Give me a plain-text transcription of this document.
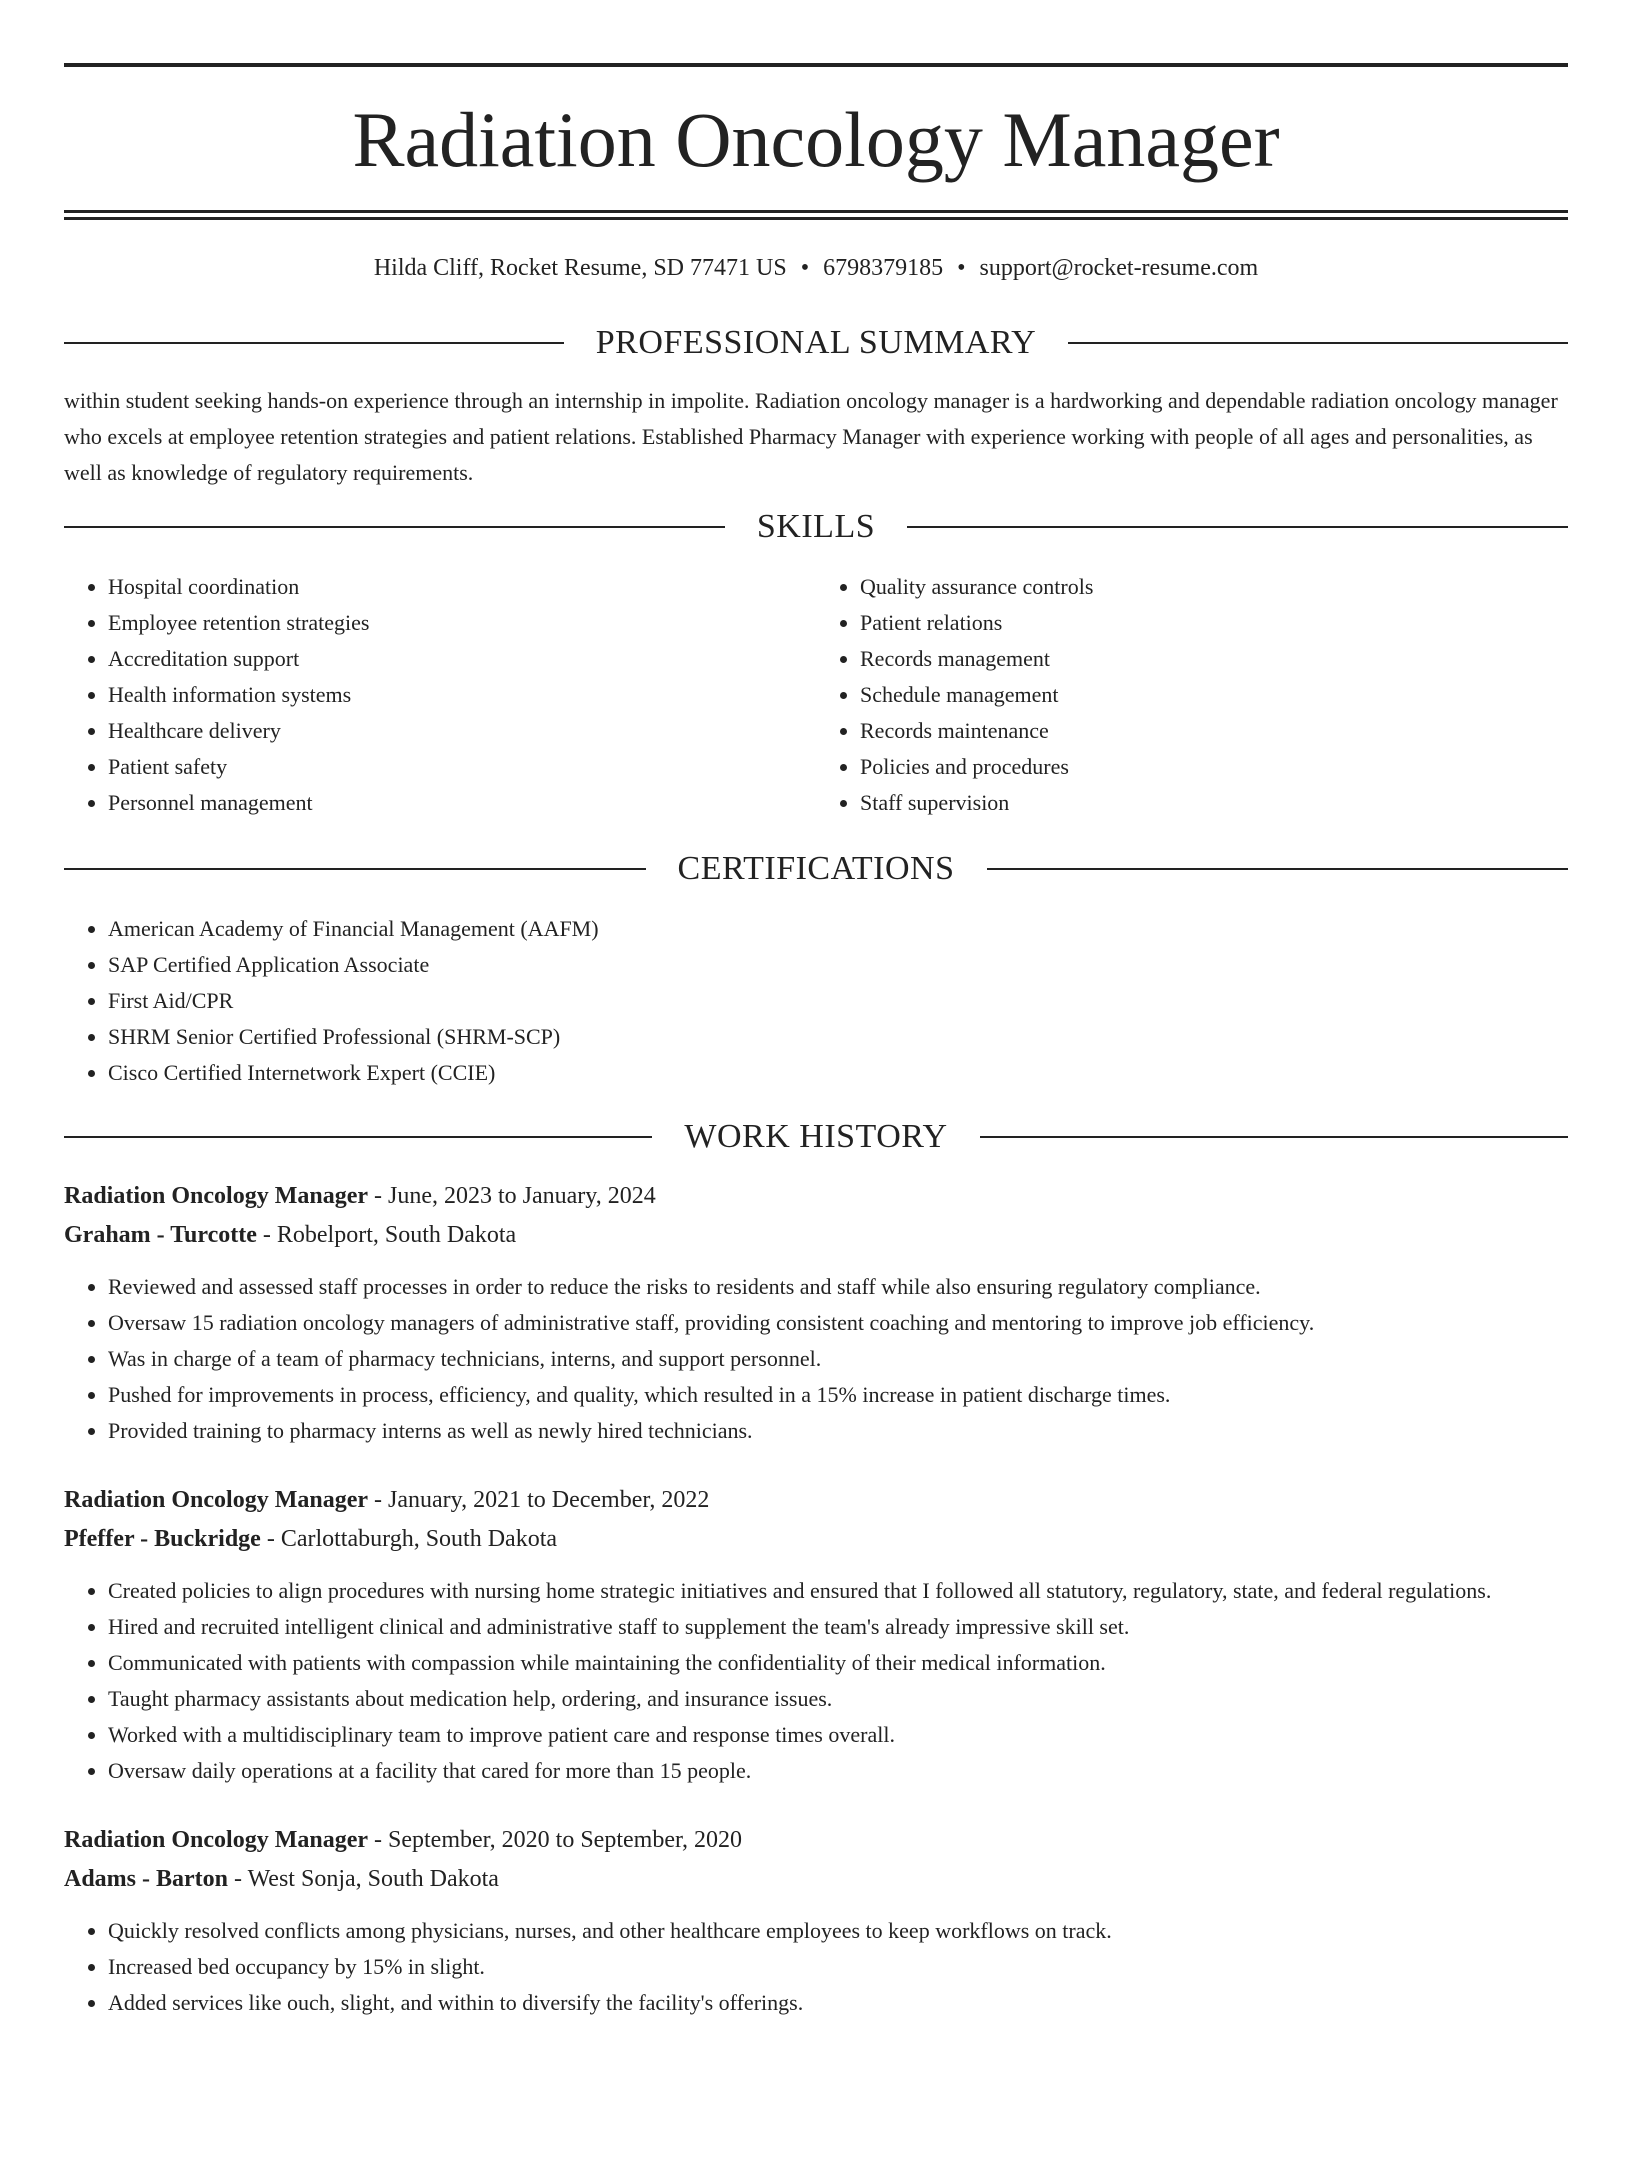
Radiation Oncology Manager
Hilda Cliff, Rocket Resume, SD 77471 US • 6798379185 • support@rocket-resume.com
PROFESSIONAL SUMMARY

within student seeking hands-on experience through an internship in impolite. Radiation oncology manager is a hardworking and dependable radiation oncology manager who excels at employee retention strategies and patient relations. Established Pharmacy Manager with experience working with people of all ages and personalities, as well as knowledge of regulatory requirements.

SKILLS
• Hospital coordination
• Employee retention strategies
• Accreditation support
• Health information systems
• Healthcare delivery
• Patient safety
• Personnel management
• Quality assurance controls
• Patient relations
• Records management
• Schedule management
• Records maintenance
• Policies and procedures
• Staff supervision
CERTIFICATIONS
• American Academy of Financial Management (AAFM)
• SAP Certified Application Associate
• First Aid/CPR
• SHRM Senior Certified Professional (SHRM-SCP)
• Cisco Certified Internetwork Expert (CCIE)
WORK HISTORY
Radiation Oncology Manager - June, 2023 to January, 2024
Graham - Turcotte - Robelport, South Dakota
• Reviewed and assessed staff processes in order to reduce the risks to residents and staff while also ensuring regulatory compliance.
• Oversaw 15 radiation oncology managers of administrative staff, providing consistent coaching and mentoring to improve job efficiency.
• Was in charge of a team of pharmacy technicians, interns, and support personnel.
• Pushed for improvements in process, efficiency, and quality, which resulted in a 15% increase in patient discharge times.
• Provided training to pharmacy interns as well as newly hired technicians.
Radiation Oncology Manager - January, 2021 to December, 2022
Pfeffer - Buckridge - Carlottaburgh, South Dakota
• Created policies to align procedures with nursing home strategic initiatives and ensured that I followed all statutory, regulatory, state, and federal regulations.
• Hired and recruited intelligent clinical and administrative staff to supplement the team's already impressive skill set.
• Communicated with patients with compassion while maintaining the confidentiality of their medical information.
• Taught pharmacy assistants about medication help, ordering, and insurance issues.
• Worked with a multidisciplinary team to improve patient care and response times overall.
• Oversaw daily operations at a facility that cared for more than 15 people.
Radiation Oncology Manager - September, 2020 to September, 2020
Adams - Barton - West Sonja, South Dakota
• Quickly resolved conflicts among physicians, nurses, and other healthcare employees to keep workflows on track.
• Increased bed occupancy by 15% in slight.
• Added services like ouch, slight, and within to diversify the facility's offerings.
